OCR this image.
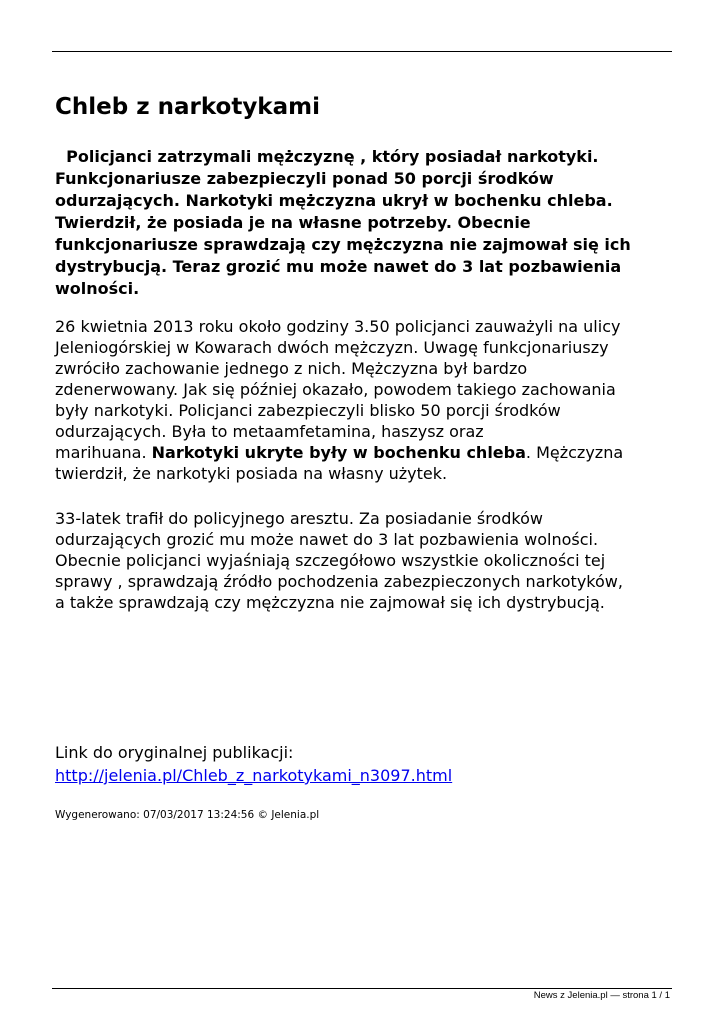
Chleb z narkotykami

Policjanci zatrzymali mężczyznę , który posiadał narkotyki.
Funkcjonariusze zabezpieczyli ponad 50 porcji środków
odurzających. Narkotyki mężczyzna ukrył w bochenku chleba.
Twierdził, że posiada je na własne potrzeby. Obecnie
funkcjonariusze sprawdzają czy mężczyzna nie zajmował się ich
dystrybucją. Teraz grozić mu może nawet do 3 lat pozbawienia
wolności.

26 kwietnia 2013 roku około godziny 3.50 policjanci zauważyli na ulicy
Jeleniogórskiej w Kowarach dwóch mężczyzn. Uwagę funkcjonariuszy
zwróciło zachowanie jednego z nich. Mężczyzna był bardzo
zdenerwowany. Jak się później okazało, powodem takiego zachowania
były narkotyki. Policjanci zabezpieczyli blisko 50 porcji środków
odurzających. Była to metaamfetamina, haszysz oraz
marihuana. Narkotyki ukryte były w bochenku chleba. Mężczyzna
twierdził, że narkotyki posiada na własny użytek.

33-latek trafił do policyjnego aresztu. Za posiadanie środków
odurzających grozić mu może nawet do 3 lat pozbawienia wolności.
Obecnie policjanci wyjaśniają szczegółowo wszystkie okoliczności tej
sprawy , sprawdzają źródło pochodzenia zabezpieczonych narkotyków,
a także sprawdzają czy mężczyzna nie zajmował się ich dystrybucją.

Link do oryginalnej publikacji:
http://jelenia.pl/Chleb_z_narkotykami_n3097.html
Wygenerowano: 07/03/2017 13:24:56 © Jelenia.pl
News z Jelenia.pl — strona 1 / 1
